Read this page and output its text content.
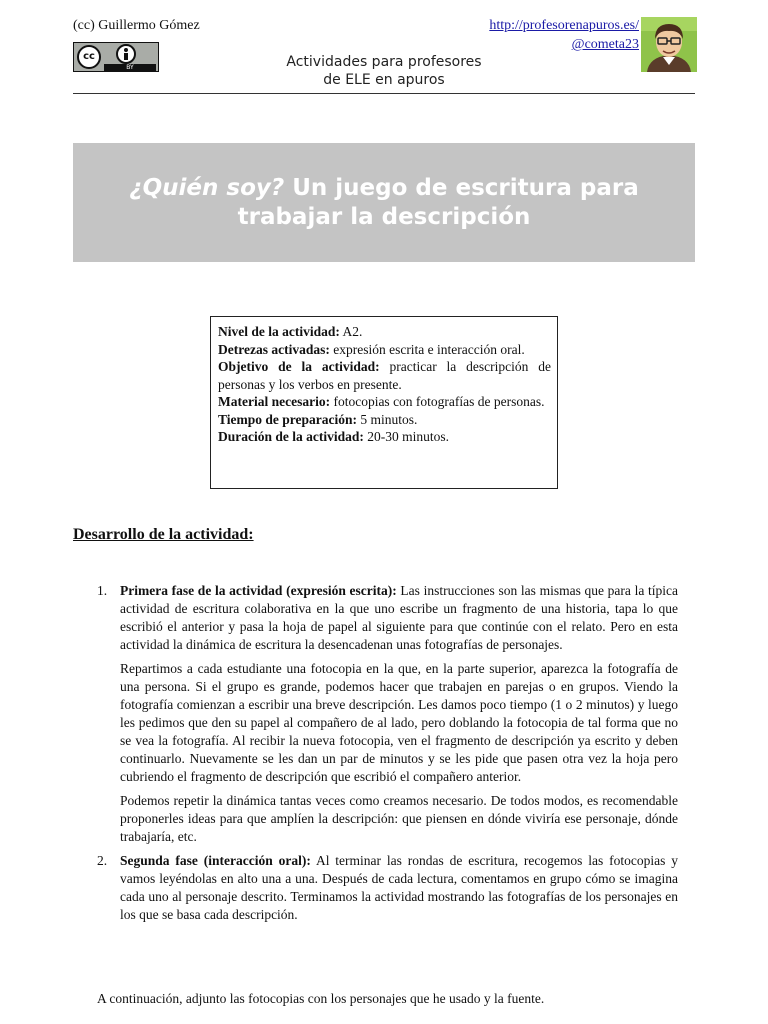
(cc) Guillermo Gómez
cc
BY
http://profesorenapuros.es/
@cometa23
Actividades para profesores
de ELE en apuros
¿Quién soy? Un juego de escritura para
trabajar la descripción

Nivel de la actividad: A2.

Detrezas activadas: expresión escrita e interacción oral.

Objetivo de la actividad: practicar la descripción de personas y los verbos en presente.

Material necesario: fotocopias con fotografías de personas.

Tiempo de preparación: 5 minutos.

Duración de la actividad: 20-30 minutos.

Desarrollo de la actividad:
1. Primera fase de la actividad (expresión escrita): Las instrucciones son las mismas que para la típica actividad de escritura colaborativa en la que uno escribe un fragmento de una historia, tapa lo que escribió el anterior y pasa la hoja de papel al siguiente para que continúe con el relato. Pero en esta actividad la dinámica de escritura la desencadenan unas fotografías de personajes.

Repartimos a cada estudiante una fotocopia en la que, en la parte superior, aparezca la fotografía de una persona. Si el grupo es grande, podemos hacer que trabajen en parejas o en grupos. Viendo la fotografía comienzan a escribir una breve descripción. Les damos poco tiempo (1 o 2 minutos) y luego les pedimos que den su papel al compañero de al lado, pero doblando la fotocopia de tal forma que no se vea la fotografía. Al recibir la nueva fotocopia, ven el fragmento de descripción ya escrito y deben continuarlo. Nuevamente se les dan un par de minutos y se les pide que pasen otra vez la hoja pero cubriendo el fragmento de descripción que escribió el compañero anterior.

Podemos repetir la dinámica tantas veces como creamos necesario. De todos modos, es recomendable proponerles ideas para que amplíen la descripción: que piensen en dónde viviría ese personaje, dónde trabajaría, etc.

2. Segunda fase (interacción oral): Al terminar las rondas de escritura, recogemos las fotocopias y vamos leyéndolas en alto una a una. Después de cada lectura, comentamos en grupo cómo se imagina cada uno al personaje descrito. Terminamos la actividad mostrando las fotografías de los personajes en los que se basa cada descripción.

A continuación, adjunto las fotocopias con los personajes que he usado y la fuente.
